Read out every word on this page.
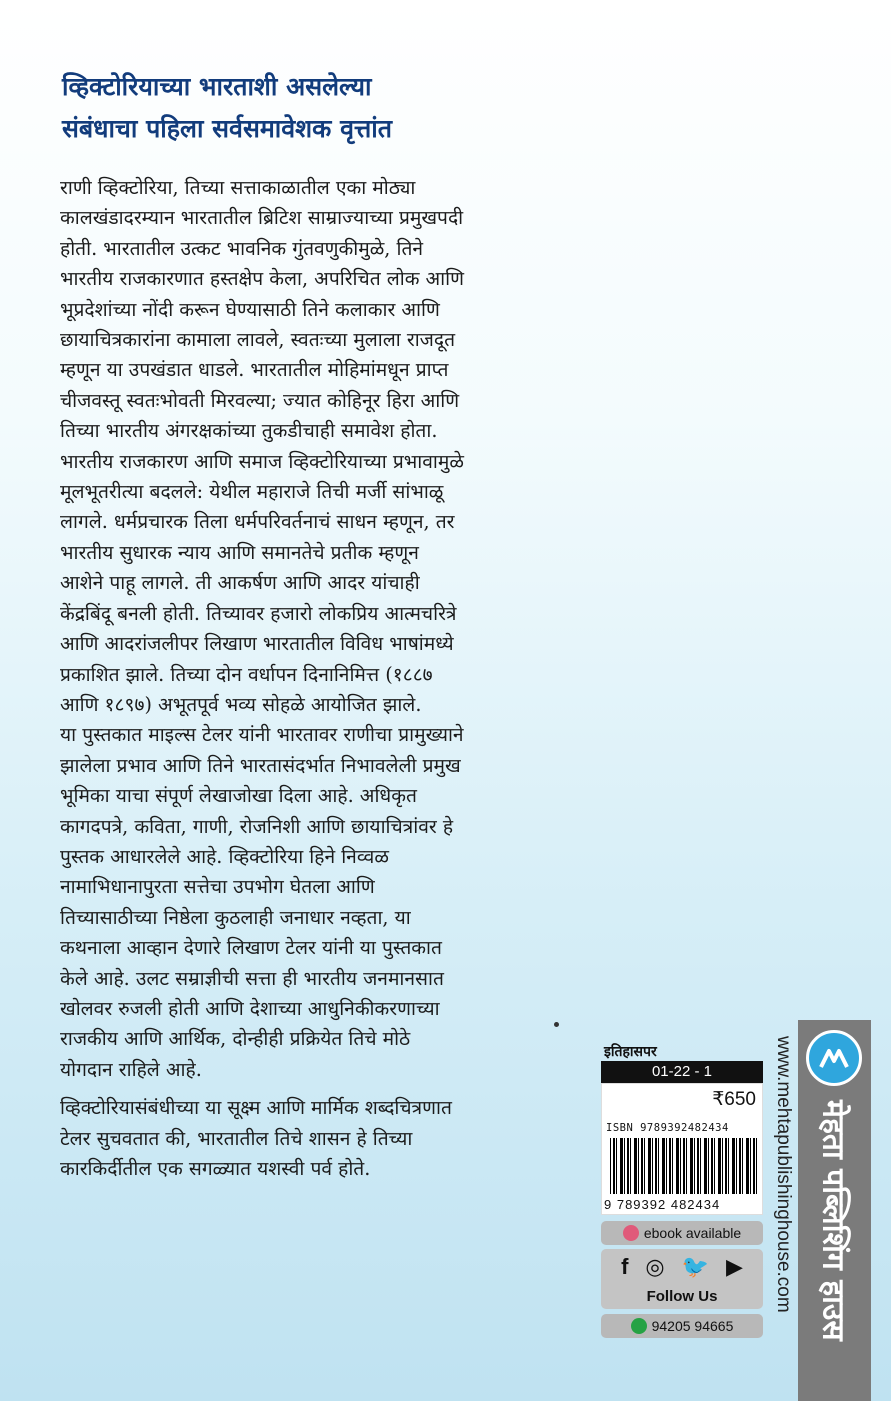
व्हिक्टोरियाच्या भारताशी असलेल्या
संबंधाचा पहिला सर्वसमावेशक वृत्तांत
राणी व्हिक्टोरिया, तिच्या सत्ताकाळातील एका मोठ्या
कालखंडादरम्यान भारतातील ब्रिटिश साम्राज्याच्या प्रमुखपदी
होती. भारतातील उत्कट भावनिक गुंतवणुकीमुळे, तिने
भारतीय राजकारणात हस्तक्षेप केला, अपरिचित लोक आणि
भूप्रदेशांच्या नोंदी करून घेण्यासाठी तिने कलाकार आणि
छायाचित्रकारांना कामाला लावले, स्वतःच्या मुलाला राजदूत
म्हणून या उपखंडात धाडले. भारतातील मोहिमांमधून प्राप्त
चीजवस्तू स्वतःभोवती मिरवल्या; ज्यात कोहिनूर हिरा आणि
तिच्या भारतीय अंगरक्षकांच्या तुकडीचाही समावेश होता.
भारतीय राजकारण आणि समाज व्हिक्टोरियाच्या प्रभावामुळे
मूलभूतरीत्या बदलले: येथील महाराजे तिची मर्जी सांभाळू
लागले. धर्मप्रचारक तिला धर्मपरिवर्तनाचं साधन म्हणून, तर
भारतीय सुधारक न्याय आणि समानतेचे प्रतीक म्हणून
आशेने पाहू लागले. ती आकर्षण आणि आदर यांचाही
केंद्रबिंदू बनली होती. तिच्यावर हजारो लोकप्रिय आत्मचरित्रे
आणि आदरांजलीपर लिखाण भारतातील विविध भाषांमध्ये
प्रकाशित झाले. तिच्या दोन वर्धापन दिनानिमित्त (१८८७
आणि १८९७) अभूतपूर्व भव्य सोहळे आयोजित झाले.
या पुस्तकात माइल्स टेलर यांनी भारतावर राणीचा प्रामुख्याने
झालेला प्रभाव आणि तिने भारतासंदर्भात निभावलेली प्रमुख
भूमिका याचा संपूर्ण लेखाजोखा दिला आहे. अधिकृत
कागदपत्रे, कविता, गाणी, रोजनिशी आणि छायाचित्रांवर हे
पुस्तक आधारलेले आहे. व्हिक्टोरिया हिने निव्वळ
नामाभिधानापुरता सत्तेचा उपभोग घेतला आणि
तिच्यासाठीच्या निष्ठेला कुठलाही जनाधार नव्हता, या
कथनाला आव्हान देणारे लिखाण टेलर यांनी या पुस्तकात
केले आहे. उलट सम्राज्ञीची सत्ता ही भारतीय जनमानसात
खोलवर रुजली होती आणि देशाच्या आधुनिकीकरणाच्या
राजकीय आणि आर्थिक, दोन्हीही प्रक्रियेत तिचे मोठे
योगदान राहिले आहे.
व्हिक्टोरियासंबंधीच्या या सूक्ष्म आणि मार्मिक शब्दचित्रणात
टेलर सुचवतात की, भारतातील तिचे शासन हे तिच्या
कारकिर्दीतील एक सगळ्यात यशस्वी पर्व होते.
इतिहासपर
01-22 - 1
₹650
ISBN 9789392482434
9 789392 482434
ebook available
f ◎ 🐦 ▶
Follow Us
94205 94665
www.mehtapublishinghouse.com मेहता पब्लिशिंग हाउस
